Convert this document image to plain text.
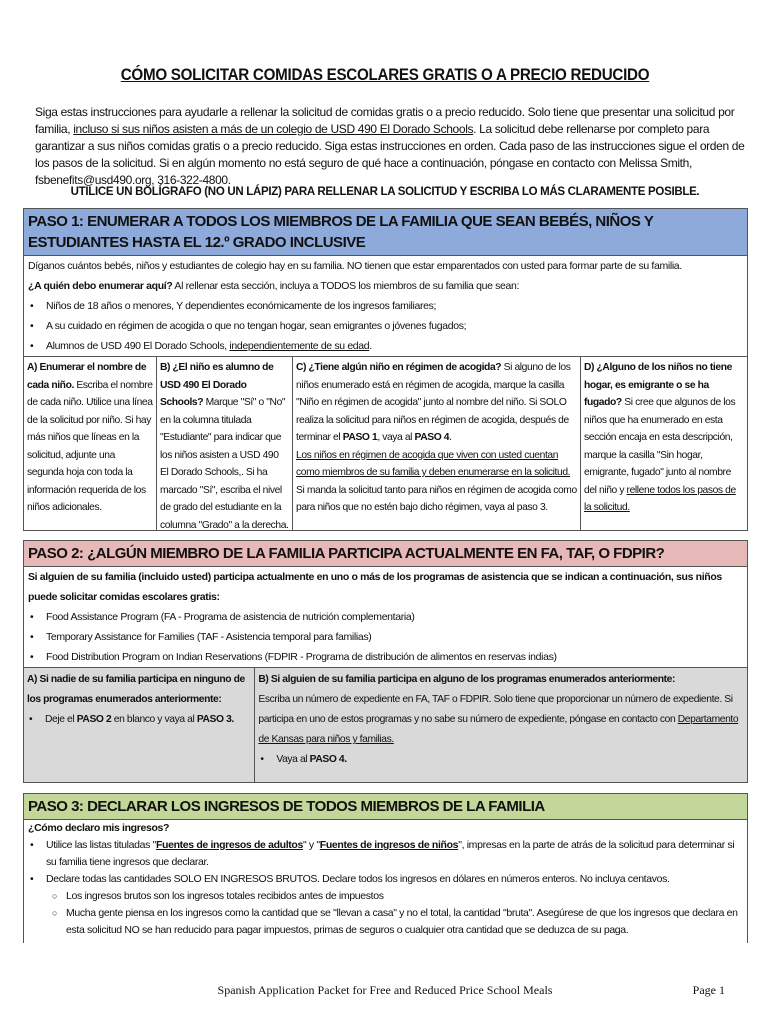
CÓMO SOLICITAR COMIDAS ESCOLARES GRATIS O A PRECIO REDUCIDO
Siga estas instrucciones para ayudarle a rellenar la solicitud de comidas gratis o a precio reducido. Solo tiene que presentar una solicitud por familia, incluso si sus niños asisten a más de un colegio de USD 490 El Dorado Schools. La solicitud debe rellenarse por completo para garantizar a sus niños comidas gratis o a precio reducido. Siga estas instrucciones en orden. Cada paso de las instrucciones sigue el orden de los pasos de la solicitud. Si en algún momento no está seguro de qué hace a continuación, póngase en contacto con Melissa Smith, fsbenefits@usd490.org, 316-322-4800.
UTILICE UN BOLÍGRAFO (NO UN LÁPIZ) PARA RELLENAR LA SOLICITUD Y ESCRIBA LO MÁS CLARAMENTE POSIBLE.
PASO 1: ENUMERAR A TODOS LOS MIEMBROS DE LA FAMILIA QUE SEAN BEBÉS, NIÑOS Y ESTUDIANTES HASTA EL 12.º GRADO INCLUSIVE
Díganos cuántos bebés, niños y estudiantes de colegio hay en su familia. NO tienen que estar emparentados con usted para formar parte de su familia.
¿A quién debo enumerar aquí? Al rellenar esta sección, incluya a TODOS los miembros de su familia que sean:
• Niños de 18 años o menores, Y dependientes económicamente de los ingresos familiares;
• A su cuidado en régimen de acogida o que no tengan hogar, sean emigrantes o jóvenes fugados;
• Alumnos de USD 490 El Dorado Schools, independientemente de su edad.
A) Enumerar el nombre de cada niño. Escriba el nombre de cada niño. Utilice una línea de la solicitud por niño. Si hay más niños que líneas en la solicitud, adjunte una segunda hoja con toda la información requerida de los niños adicionales.
B) ¿El niño es alumno de USD 490 El Dorado Schools? Marque "Sí" o "No" en la columna titulada "Estudiante" para indicar que los niños asisten a USD 490 El Dorado Schools,. Si ha marcado "Sí", escriba el nivel de grado del estudiante en la columna "Grado" a la derecha.
C) ¿Tiene algún niño en régimen de acogida? Si alguno de los niños enumerado está en régimen de acogida, marque la casilla "Niño en régimen de acogida" junto al nombre del niño. Si SOLO realiza la solicitud para niños en régimen de acogida, después de terminar el PASO 1, vaya al PASO 4.
Los niños en régimen de acogida que viven con usted cuentan como miembros de su familia y deben enumerarse en la solicitud. Si manda la solicitud tanto para niños en régimen de acogida como para niños que no estén bajo dicho régimen, vaya al paso 3.
D) ¿Alguno de los niños no tiene hogar, es emigrante o se ha fugado? Si cree que algunos de los niños que ha enumerado en esta sección encaja en esta descripción, marque la casilla "Sin hogar, emigrante, fugado" junto al nombre del niño y rellene todos los pasos de la solicitud.
PASO 2: ¿ALGÚN MIEMBRO DE LA FAMILIA PARTICIPA ACTUALMENTE EN FA, TAF, O FDPIR?
Si alguien de su familia (incluido usted) participa actualmente en uno o más de los programas de asistencia que se indican a continuación, sus niños puede solicitar comidas escolares gratis:
• Food Assistance Program (FA - Programa de asistencia de nutrición complementaria)
• Temporary Assistance for Families (TAF - Asistencia temporal para familias)
• Food Distribution Program on Indian Reservations (FDPIR - Programa de distribución de alimentos en reservas indias)
A) Si nadie de su familia participa en ninguno de los programas enumerados anteriormente:
• Deje el PASO 2 en blanco y vaya al PASO 3.
B) Si alguien de su familia participa en alguno de los programas enumerados anteriormente:
Escriba un número de expediente en FA, TAF o FDPIR. Solo tiene que proporcionar un número de expediente. Si participa en uno de estos programas y no sabe su número de expediente, póngase en contacto con Departamento de Kansas para niños y familias.
• Vaya al PASO 4.
PASO 3: DECLARAR LOS INGRESOS DE TODOS MIEMBROS DE LA FAMILIA
¿Cómo declaro mis ingresos?
• Utilice las listas tituladas "Fuentes de ingresos de adultos" y "Fuentes de ingresos de niños", impresas en la parte de atrás de la solicitud para determinar si su familia tiene ingresos que declarar.
• Declare todas las cantidades SOLO EN INGRESOS BRUTOS. Declare todos los ingresos en dólares en números enteros. No incluya centavos.
○ Los ingresos brutos son los ingresos totales recibidos antes de impuestos
○ Mucha gente piensa en los ingresos como la cantidad que se "llevan a casa" y no el total, la cantidad "bruta". Asegúrese de que los ingresos que declara en esta solicitud NO se han reducido para pagar impuestos, primas de seguros o cualquier otra cantidad que se deduzca de su paga.
Spanish Application Packet for Free and Reduced Price School Meals	Page 1
